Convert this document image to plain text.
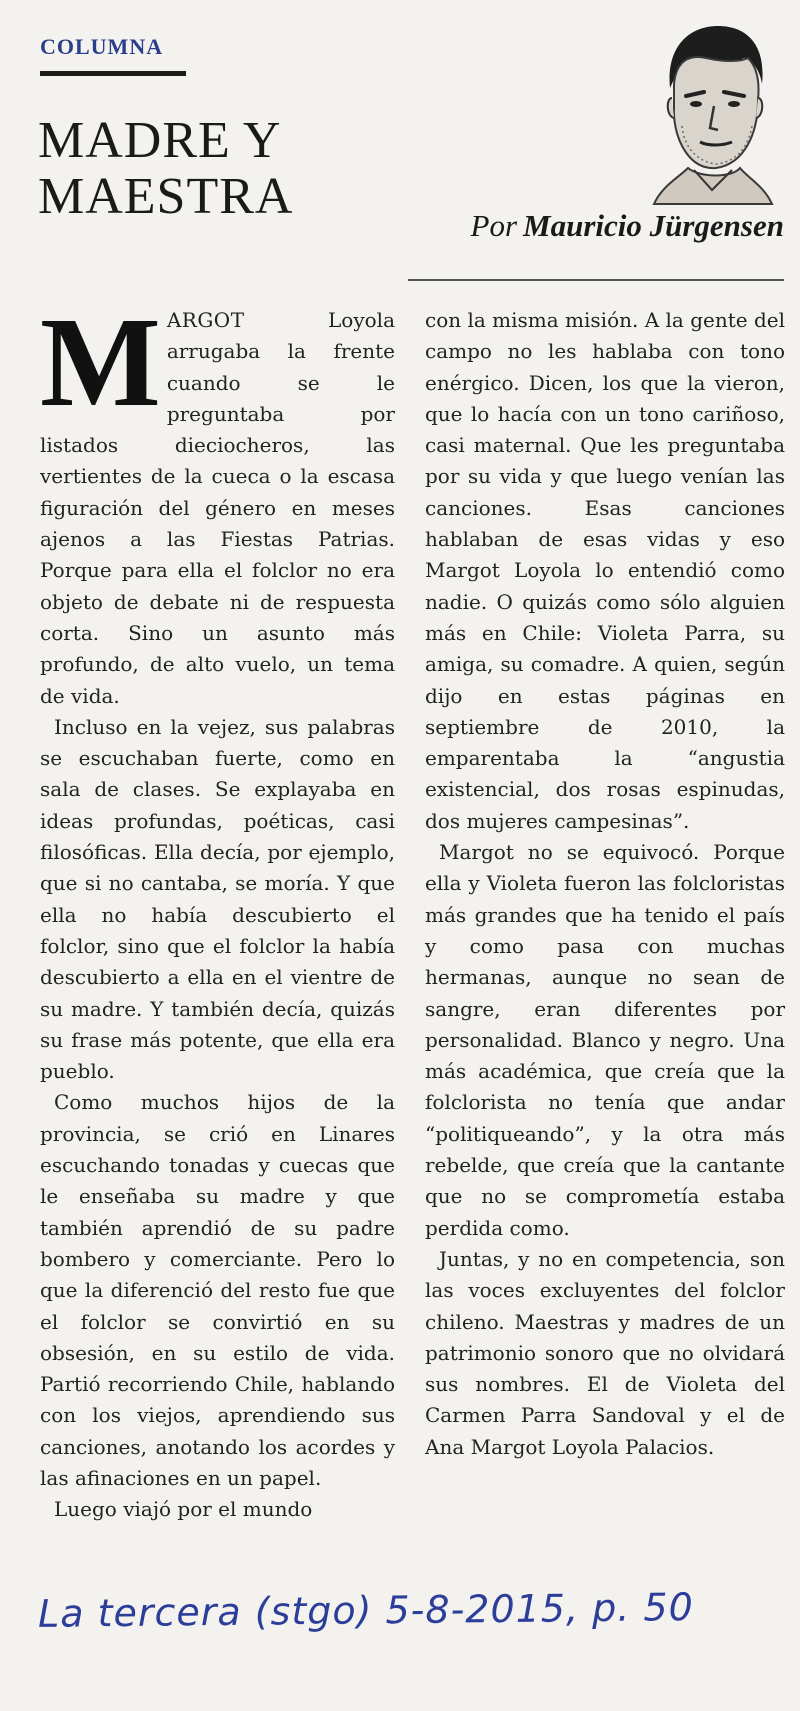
COLUMNA
MADRE Y
MAESTRA
Por Mauricio Jürgensen

MARGOT Loyola arrugaba la frente cuando se le preguntaba por listados dieciocheros, las vertientes de la cueca o la escasa figuración del género en meses ajenos a las Fiestas Patrias. Porque para ella el folclor no era objeto de debate ni de respuesta corta. Sino un asunto más profundo, de alto vuelo, un tema de vida.

Incluso en la vejez, sus palabras se escuchaban fuerte, como en sala de clases. Se explayaba en ideas profundas, poéticas, casi filosóficas. Ella decía, por ejemplo, que si no cantaba, se moría. Y que ella no había descubierto el folclor, sino que el folclor la había descubierto a ella en el vientre de su madre. Y también decía, quizás su frase más potente, que ella era pueblo.

Como muchos hijos de la provincia, se crió en Linares escuchando tonadas y cuecas que le enseñaba su madre y que también aprendió de su padre bombero y comerciante. Pero lo que la diferenció del resto fue que el folclor se convirtió en su obsesión, en su estilo de vida. Partió recorriendo Chile, hablando con los viejos, aprendiendo sus canciones, anotando los acordes y las afinaciones en un papel.

Luego viajó por el mundo

con la misma misión. A la gente del campo no les hablaba con tono enérgico. Dicen, los que la vieron, que lo hacía con un tono cariñoso, casi maternal. Que les preguntaba por su vida y que luego venían las canciones. Esas canciones hablaban de esas vidas y eso Margot Loyola lo entendió como nadie. O quizás como sólo alguien más en Chile: Violeta Parra, su amiga, su comadre. A quien, según dijo en estas páginas en septiembre de 2010, la emparentaba la “angustia existencial, dos rosas espinudas, dos mujeres campesinas”.

Margot no se equivocó. Porque ella y Violeta fueron las folcloristas más grandes que ha tenido el país y como pasa con muchas hermanas, aunque no sean de sangre, eran diferentes por personalidad. Blanco y negro. Una más académica, que creía que la folclorista no tenía que andar “politiqueando”, y la otra más rebelde, que creía que la cantante que no se comprometía estaba perdida como.

Juntas, y no en competencia, son las voces excluyentes del folclor chileno. Maestras y madres de un patrimonio sonoro que no olvidará sus nombres. El de Violeta del Carmen Parra Sandoval y el de Ana Margot Loyola Palacios.

La tercera (stgo) 5-8-2015, p. 50
